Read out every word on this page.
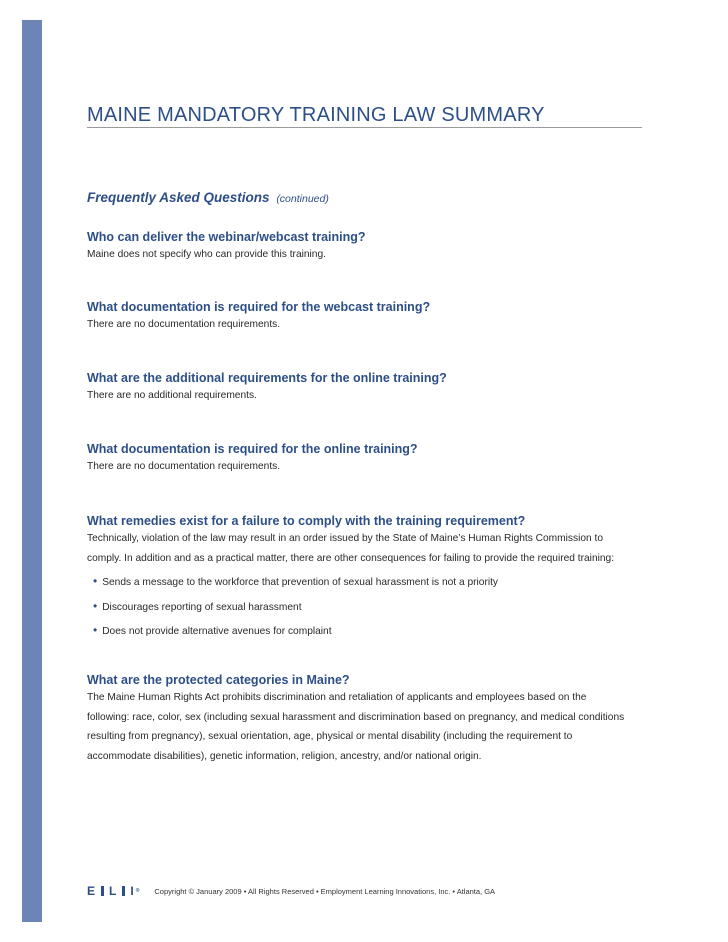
MAINE MANDATORY TRAINING LAW SUMMARY
Frequently Asked Questions (continued)

Who can deliver the webinar/webcast training?

Maine does not specify who can provide this training.

What documentation is required for the webcast training?

There are no documentation requirements.

What are the additional requirements for the online training?

There are no additional requirements.

What documentation is required for the online training?

There are no documentation requirements.

What remedies exist for a failure to comply with the training requirement?

Technically, violation of the law may result in an order issued by the State of Maine’s Human Rights Commission to

comply. In addition and as a practical matter, there are other consequences for failing to provide the required training:

• Sends a message to the workforce that prevention of sexual harassment is not a priority
• Discourages reporting of sexual harassment
• Does not provide alternative avenues for complaint

What are the protected categories in Maine?

The Maine Human Rights Act prohibits discrimination and retaliation of applicants and employees based on the

following: race, color, sex (including sexual harassment and discrimination based on pregnancy, and medical conditions

resulting from pregnancy), sexual orientation, age, physical or mental disability (including the requirement to

accommodate disabilities), genetic information, religion, ancestry, and/or national origin.

E L I ® Copyright © January 2009 • All Rights Reserved • Employment Learning Innovations, Inc. • Atlanta, GA
